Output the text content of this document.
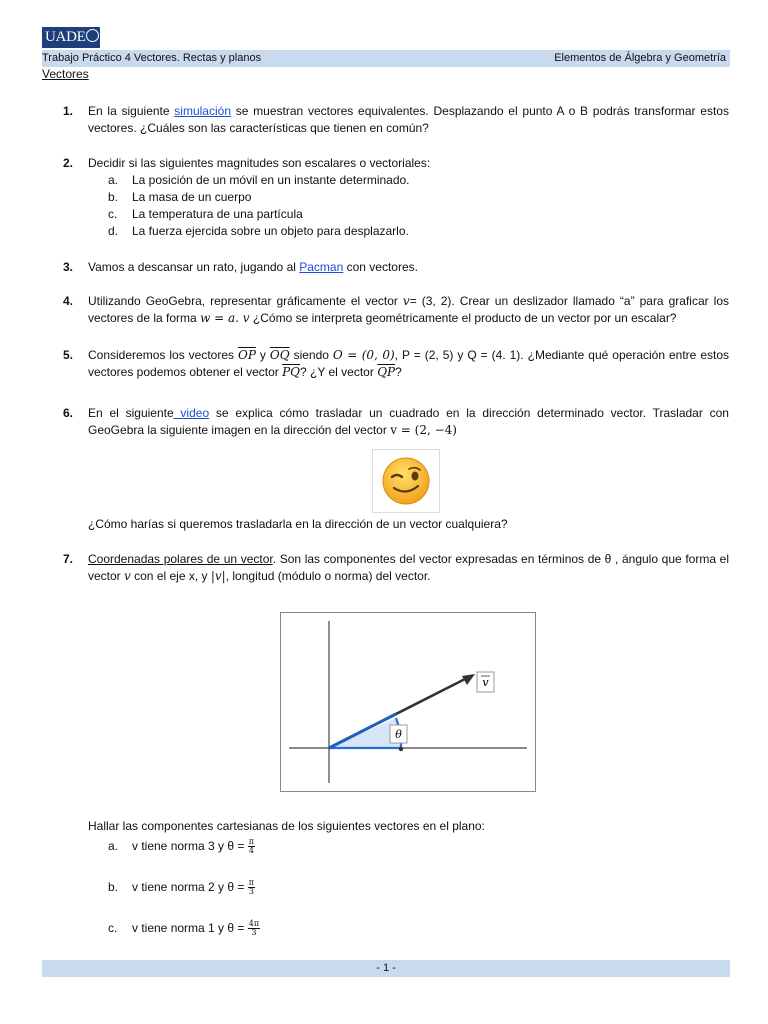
UADE
Trabajo Práctico 4 Vectores. Rectas y planos	Elementos de Álgebra y Geometría
Vectores
1. En la siguiente simulación se muestran vectores equivalentes. Desplazando el punto A o B podrás transformar estos vectores. ¿Cuáles son las características que tienen en común?
2. Decidir si las siguientes magnitudes son escalares o vectoriales:
a. La posición de un móvil en un instante determinado.
b. La masa de un cuerpo
c. La temperatura de una partícula
d. La fuerza ejercida sobre un objeto para desplazarlo.
3. Vamos a descansar un rato, jugando al Pacman con vectores.
4. Utilizando GeoGebra, representar gráficamente el vector v= (3, 2). Crear un deslizador llamado “a” para graficar los vectores de la forma w = a. v ¿Cómo se interpreta geométricamente el producto de un vector por un escalar?
5. Consideremos los vectores $\overline{OP}$ y $\overline{OQ}$ siendo O = (0, 0), P = (2, 5) y Q = (4. 1). ¿Mediante qué operación entre estos vectores podemos obtener el vector $\overline{PQ}$? ¿Y el vector $\overline{QP}$?
6. En el siguiente video se explica cómo trasladar un cuadrado en la dirección determinado vector. Trasladar con GeoGebra la siguiente imagen en la dirección del vector v = (2, −4)
¿Cómo harías si queremos trasladarla en la dirección de un vector cualquiera?
7. Coordenadas polares de un vector. Son las componentes del vector expresadas en términos de θ , ángulo que forma el vector v con el eje x, y |v|, longitud (módulo o norma) del vector.
v
θ
Hallar las componentes cartesianas de los siguientes vectores en el plano:
a. v tiene norma 3 y $\theta = \frac{\pi}{4}$
b. v tiene norma 2 y $\theta = \frac{\pi}{3}$
c. v tiene norma 1 y $\theta = \frac{4\pi}{3}$
- 1 -
